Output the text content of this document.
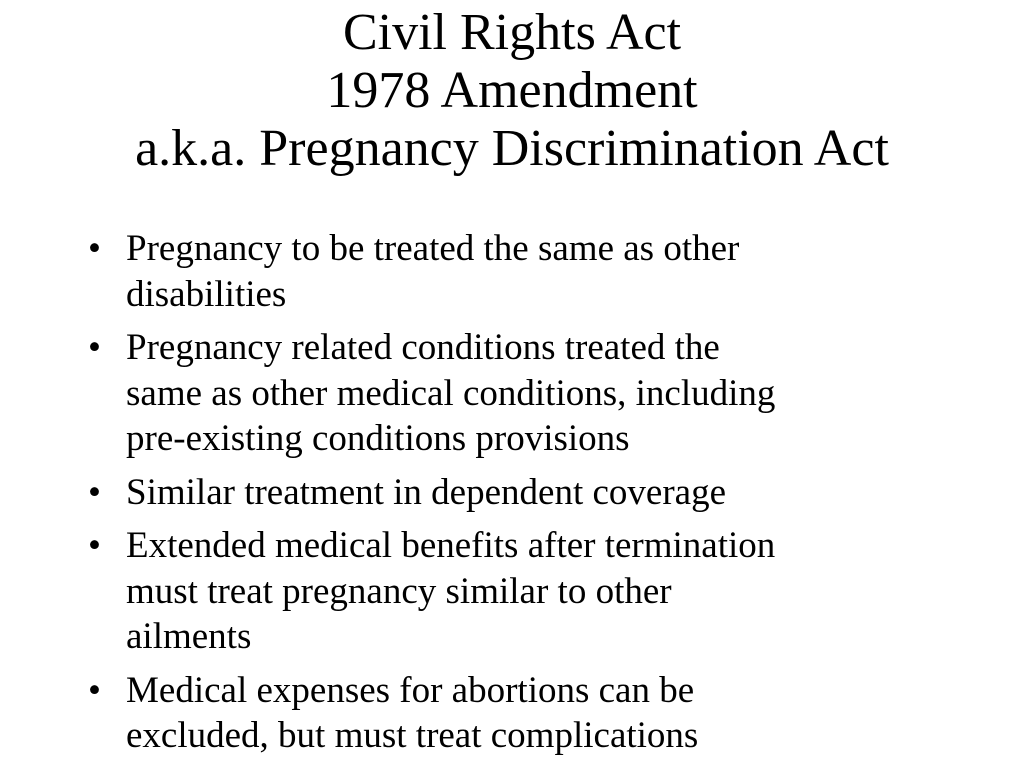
Civil Rights Act
1978 Amendment
a.k.a. Pregnancy Discrimination Act
• Pregnancy to be treated the same as other
disabilities
• Pregnancy related conditions treated the
same as other medical conditions, including
pre-existing conditions provisions
• Similar treatment in dependent coverage
• Extended medical benefits after termination
must treat pregnancy similar to other
ailments
• Medical expenses for abortions can be
excluded, but must treat complications
